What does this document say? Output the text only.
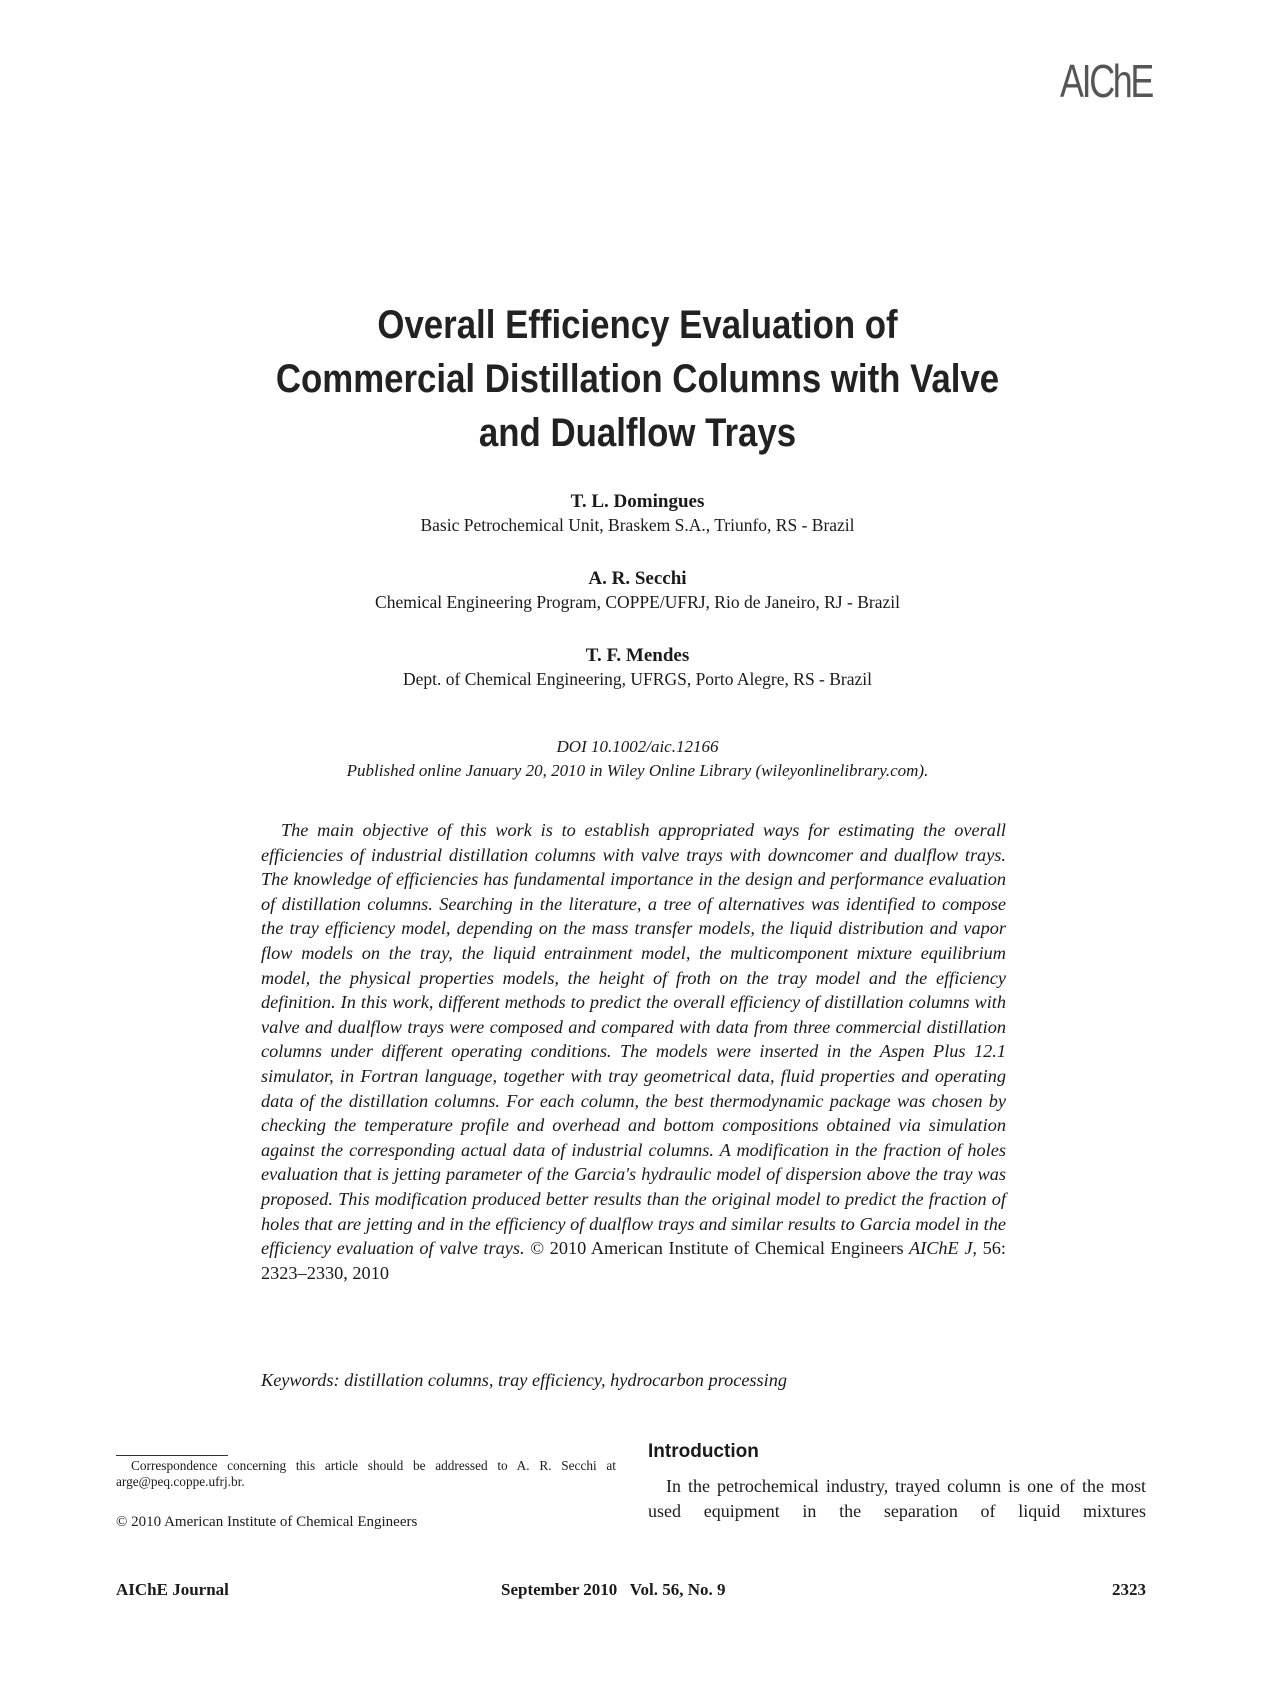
AIChE
Overall Efficiency Evaluation of
Commercial Distillation Columns with Valve
and Dualflow Trays
T. L. Domingues
Basic Petrochemical Unit, Braskem S.A., Triunfo, RS - Brazil
A. R. Secchi
Chemical Engineering Program, COPPE/UFRJ, Rio de Janeiro, RJ - Brazil
T. F. Mendes
Dept. of Chemical Engineering, UFRGS, Porto Alegre, RS - Brazil
DOI 10.1002/aic.12166
Published online January 20, 2010 in Wiley Online Library (wileyonlinelibrary.com).
The main objective of this work is to establish appropriated ways for estimating the overall efficiencies of industrial distillation columns with valve trays with downcomer and dualflow trays. The knowledge of efficiencies has fundamental importance in the design and performance evaluation of distillation columns. Searching in the literature, a tree of alternatives was identified to compose the tray efficiency model, depending on the mass transfer models, the liquid distribution and vapor flow models on the tray, the liquid entrainment model, the multicomponent mixture equilibrium model, the physical properties models, the height of froth on the tray model and the efficiency definition. In this work, different methods to predict the overall efficiency of distillation columns with valve and dualflow trays were composed and compared with data from three commercial distillation columns under different operating conditions. The models were inserted in the Aspen Plus 12.1 simulator, in Fortran language, together with tray geometrical data, fluid properties and operating data of the distillation columns. For each column, the best thermodynamic package was chosen by checking the temperature profile and overhead and bottom compositions obtained via simulation against the corresponding actual data of industrial columns. A modification in the fraction of holes evaluation that is jetting parameter of the Garcia's hydraulic model of dispersion above the tray was proposed. This modification produced better results than the original model to predict the fraction of holes that are jetting and in the efficiency of dualflow trays and similar results to Garcia model in the efficiency evaluation of valve trays. © 2010 American Institute of Chemical Engineers AIChE J, 56: 2323–2330, 2010
Keywords: distillation columns, tray efficiency, hydrocarbon processing
Correspondence concerning this article should be addressed to A. R. Secchi at arge@peq.coppe.ufrj.br.
© 2010 American Institute of Chemical Engineers
Introduction
In the petrochemical industry, trayed column is one of the most used equipment in the separation of liquid mixtures
AIChE Journal	September 2010   Vol. 56, No. 9	2323
